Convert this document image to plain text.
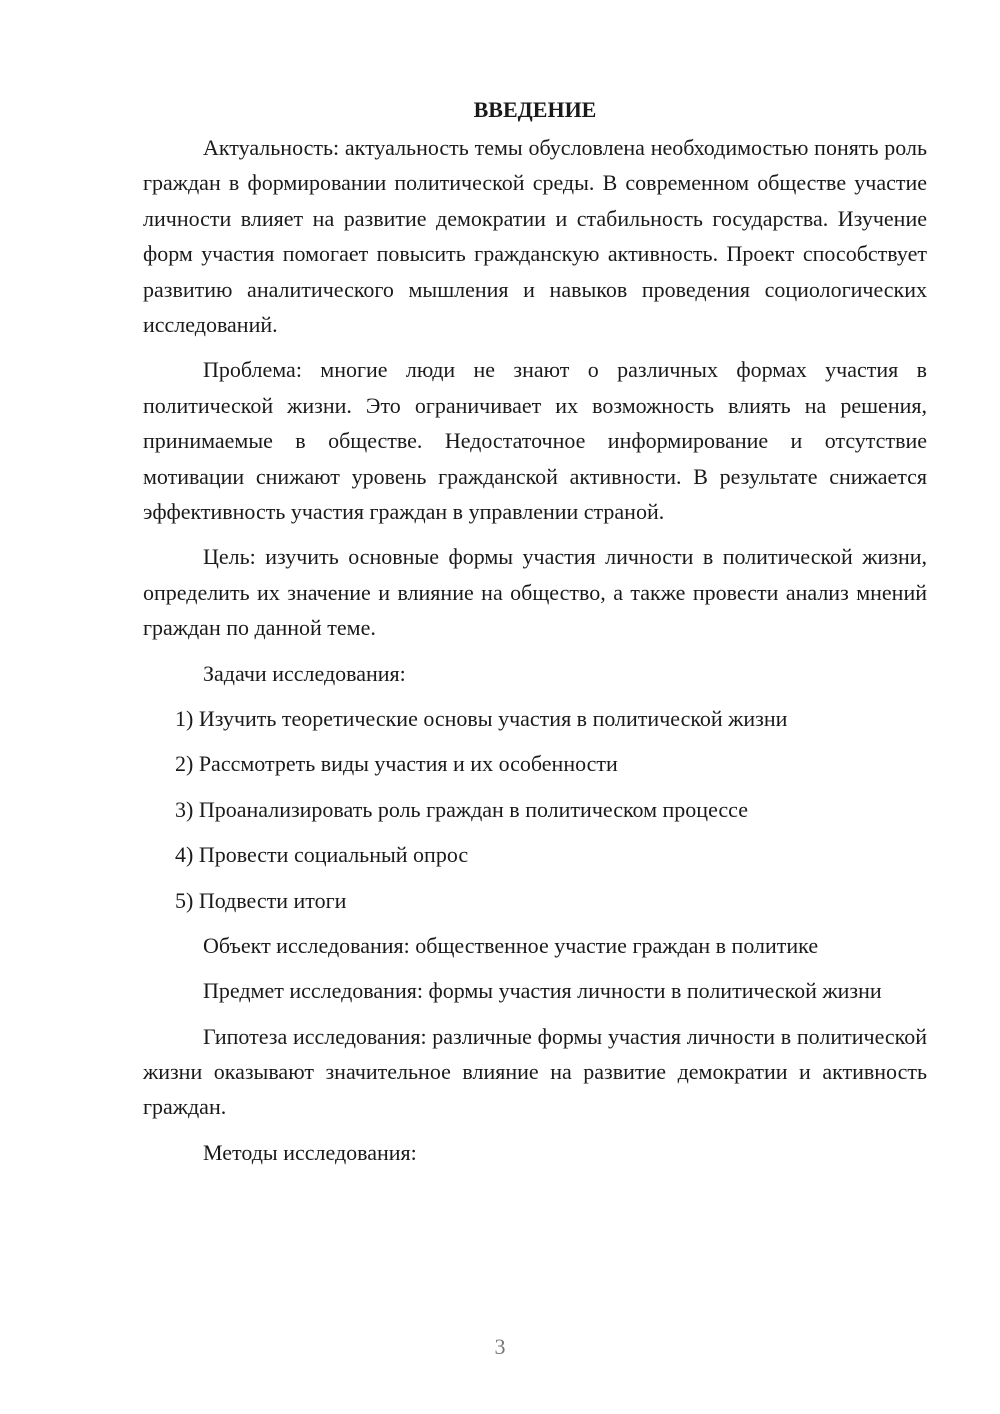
ВВЕДЕНИЕ

Актуальность: актуальность темы обусловлена необходимостью понять роль граждан в формировании политической среды. В современном обществе участие личности влияет на развитие демократии и стабильность государства. Изучение форм участия помогает повысить гражданскую активность. Проект способствует развитию аналитического мышления и навыков проведения социологических исследований.

Проблема: многие люди не знают о различных формах участия в политической жизни. Это ограничивает их возможность влиять на решения, принимаемые в обществе. Недостаточное информирование и отсутствие мотивации снижают уровень гражданской активности. В результате снижается эффективность участия граждан в управлении страной.

Цель: изучить основные формы участия личности в политической жизни, определить их значение и влияние на общество, а также провести анализ мнений граждан по данной теме.

Задачи исследования:

1) Изучить теоретические основы участия в политической жизни

2) Рассмотреть виды участия и их особенности

3) Проанализировать роль граждан в политическом процессе

4) Провести социальный опрос

5) Подвести итоги

Объект исследования: общественное участие граждан в политике

Предмет исследования: формы участия личности в политической жизни

Гипотеза исследования: различные формы участия личности в политической жизни оказывают значительное влияние на развитие демократии и активность граждан.

Методы исследования:

3
